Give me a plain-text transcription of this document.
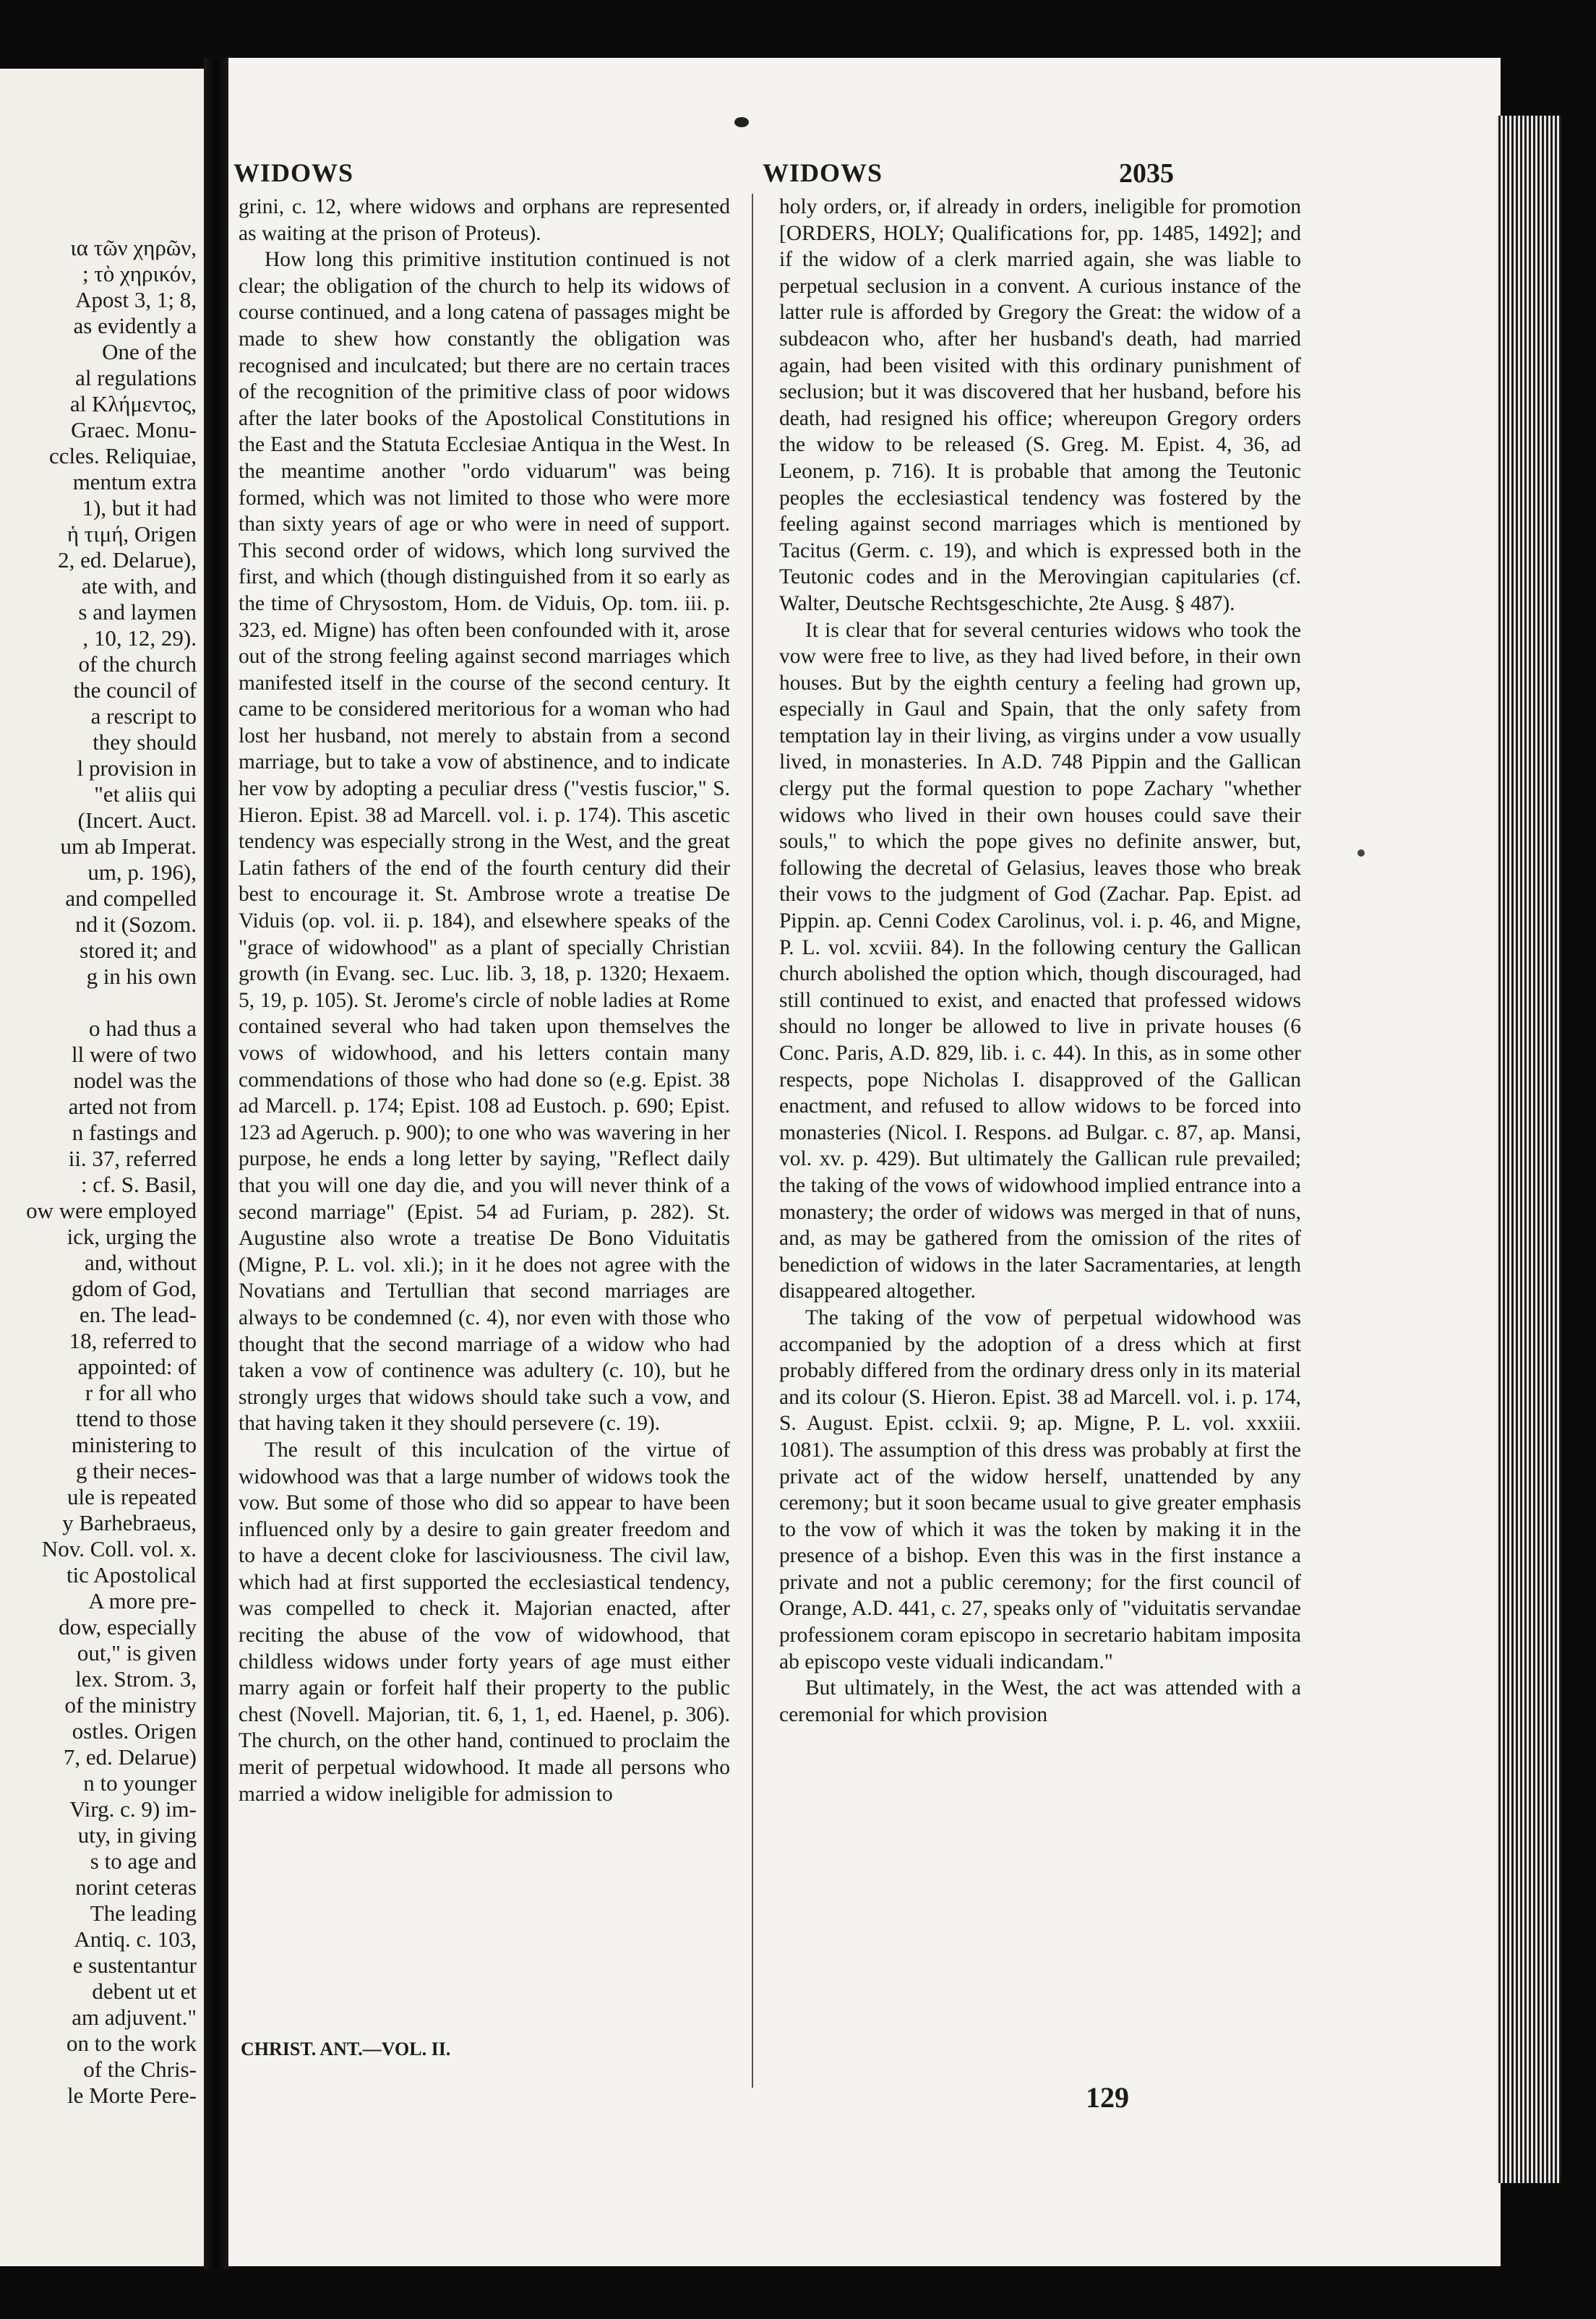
ια τῶν χηρῶν,
; τὸ χηρικόν,
Apost 3, 1; 8,
as evidently a
One of the
al regulations
al Κλήμεντος,
Graec. Monu-
ccles. Reliquiae,
mentum extra
1), but it had
ἡ τιμή, Origen
2, ed. Delarue),
ate with, and
s and laymen
, 10, 12, 29).
of the church
the council of
a rescript to
they should
l provision in
"et aliis qui
(Incert. Auct.
um ab Imperat.
um, p. 196),
and compelled
nd it (Sozom.
stored it; and
g in his own

o had thus a
ll were of two
nodel was the
arted not from
n fastings and
ii. 37, referred
: cf. S. Basil,
ow were employed
ick, urging the
and, without
gdom of God,
en. The lead-
18, referred to
appointed: of
r for all who
ttend to those
ministering to
g their neces-
ule is repeated
y Barhebraeus,
Nov. Coll. vol. x.
tic Apostolical
A more pre-
dow, especially
out," is given
lex. Strom. 3,
of the ministry
ostles. Origen
7, ed. Delarue)
n to younger
Virg. c. 9) im-
uty, in giving
s to age and
norint ceteras
The leading
Antiq. c. 103,
e sustentantur
debent ut et
am adjuvent."
on to the work
of the Chris-
le Morte Pere-
WIDOWS	WIDOWS	2035

grini, c. 12, where widows and orphans are represented as waiting at the prison of Proteus).

How long this primitive institution continued is not clear; the obligation of the church to help its widows of course continued, and a long catena of passages might be made to shew how constantly the obligation was recognised and inculcated; but there are no certain traces of the recognition of the primitive class of poor widows after the later books of the Apostolical Constitutions in the East and the Statuta Ecclesiae Antiqua in the West. In the meantime another "ordo viduarum" was being formed, which was not limited to those who were more than sixty years of age or who were in need of support. This second order of widows, which long survived the first, and which (though distinguished from it so early as the time of Chrysostom, Hom. de Viduis, Op. tom. iii. p. 323, ed. Migne) has often been confounded with it, arose out of the strong feeling against second marriages which manifested itself in the course of the second century. It came to be considered meritorious for a woman who had lost her husband, not merely to abstain from a second marriage, but to take a vow of abstinence, and to indicate her vow by adopting a peculiar dress ("vestis fuscior," S. Hieron. Epist. 38 ad Marcell. vol. i. p. 174). This ascetic tendency was especially strong in the West, and the great Latin fathers of the end of the fourth century did their best to encourage it. St. Ambrose wrote a treatise De Viduis (op. vol. ii. p. 184), and elsewhere speaks of the "grace of widowhood" as a plant of specially Christian growth (in Evang. sec. Luc. lib. 3, 18, p. 1320; Hexaem. 5, 19, p. 105). St. Jerome's circle of noble ladies at Rome contained several who had taken upon themselves the vows of widowhood, and his letters contain many commendations of those who had done so (e.g. Epist. 38 ad Marcell. p. 174; Epist. 108 ad Eustoch. p. 690; Epist. 123 ad Ageruch. p. 900); to one who was wavering in her purpose, he ends a long letter by saying, "Reflect daily that you will one day die, and you will never think of a second marriage" (Epist. 54 ad Furiam, p. 282). St. Augustine also wrote a treatise De Bono Viduitatis (Migne, P. L. vol. xli.); in it he does not agree with the Novatians and Tertullian that second marriages are always to be condemned (c. 4), nor even with those who thought that the second marriage of a widow who had taken a vow of continence was adultery (c. 10), but he strongly urges that widows should take such a vow, and that having taken it they should persevere (c. 19).

The result of this inculcation of the virtue of widowhood was that a large number of widows took the vow. But some of those who did so appear to have been influenced only by a desire to gain greater freedom and to have a decent cloke for lasciviousness. The civil law, which had at first supported the ecclesiastical tendency, was compelled to check it. Majorian enacted, after reciting the abuse of the vow of widowhood, that childless widows under forty years of age must either marry again or forfeit half their property to the public chest (Novell. Majorian, tit. 6, 1, 1, ed. Haenel, p. 306). The church, on the other hand, continued to proclaim the merit of perpetual widowhood. It made all persons who married a widow ineligible for admission to

holy orders, or, if already in orders, ineligible for promotion [ORDERS, HOLY; Qualifications for, pp. 1485, 1492]; and if the widow of a clerk married again, she was liable to perpetual seclusion in a convent. A curious instance of the latter rule is afforded by Gregory the Great: the widow of a subdeacon who, after her husband's death, had married again, had been visited with this ordinary punishment of seclusion; but it was discovered that her husband, before his death, had resigned his office; whereupon Gregory orders the widow to be released (S. Greg. M. Epist. 4, 36, ad Leonem, p. 716). It is probable that among the Teutonic peoples the ecclesiastical tendency was fostered by the feeling against second marriages which is mentioned by Tacitus (Germ. c. 19), and which is expressed both in the Teutonic codes and in the Merovingian capitularies (cf. Walter, Deutsche Rechtsgeschichte, 2te Ausg. § 487).

It is clear that for several centuries widows who took the vow were free to live, as they had lived before, in their own houses. But by the eighth century a feeling had grown up, especially in Gaul and Spain, that the only safety from temptation lay in their living, as virgins under a vow usually lived, in monasteries. In A.D. 748 Pippin and the Gallican clergy put the formal question to pope Zachary "whether widows who lived in their own houses could save their souls," to which the pope gives no definite answer, but, following the decretal of Gelasius, leaves those who break their vows to the judgment of God (Zachar. Pap. Epist. ad Pippin. ap. Cenni Codex Carolinus, vol. i. p. 46, and Migne, P. L. vol. xcviii. 84). In the following century the Gallican church abolished the option which, though discouraged, had still continued to exist, and enacted that professed widows should no longer be allowed to live in private houses (6 Conc. Paris, A.D. 829, lib. i. c. 44). In this, as in some other respects, pope Nicholas I. disapproved of the Gallican enactment, and refused to allow widows to be forced into monasteries (Nicol. I. Respons. ad Bulgar. c. 87, ap. Mansi, vol. xv. p. 429). But ultimately the Gallican rule prevailed; the taking of the vows of widowhood implied entrance into a monastery; the order of widows was merged in that of nuns, and, as may be gathered from the omission of the rites of benediction of widows in the later Sacramentaries, at length disappeared altogether.

The taking of the vow of perpetual widowhood was accompanied by the adoption of a dress which at first probably differed from the ordinary dress only in its material and its colour (S. Hieron. Epist. 38 ad Marcell. vol. i. p. 174, S. August. Epist. cclxii. 9; ap. Migne, P. L. vol. xxxiii. 1081). The assumption of this dress was probably at first the private act of the widow herself, unattended by any ceremony; but it soon became usual to give greater emphasis to the vow of which it was the token by making it in the presence of a bishop. Even this was in the first instance a private and not a public ceremony; for the first council of Orange, A.D. 441, c. 27, speaks only of "viduitatis servandae professionem coram episcopo in secretario habitam imposita ab episcopo veste viduali indicandam."

But ultimately, in the West, the act was attended with a ceremonial for which provision

CHRIST. ANT.—VOL. II.
129
